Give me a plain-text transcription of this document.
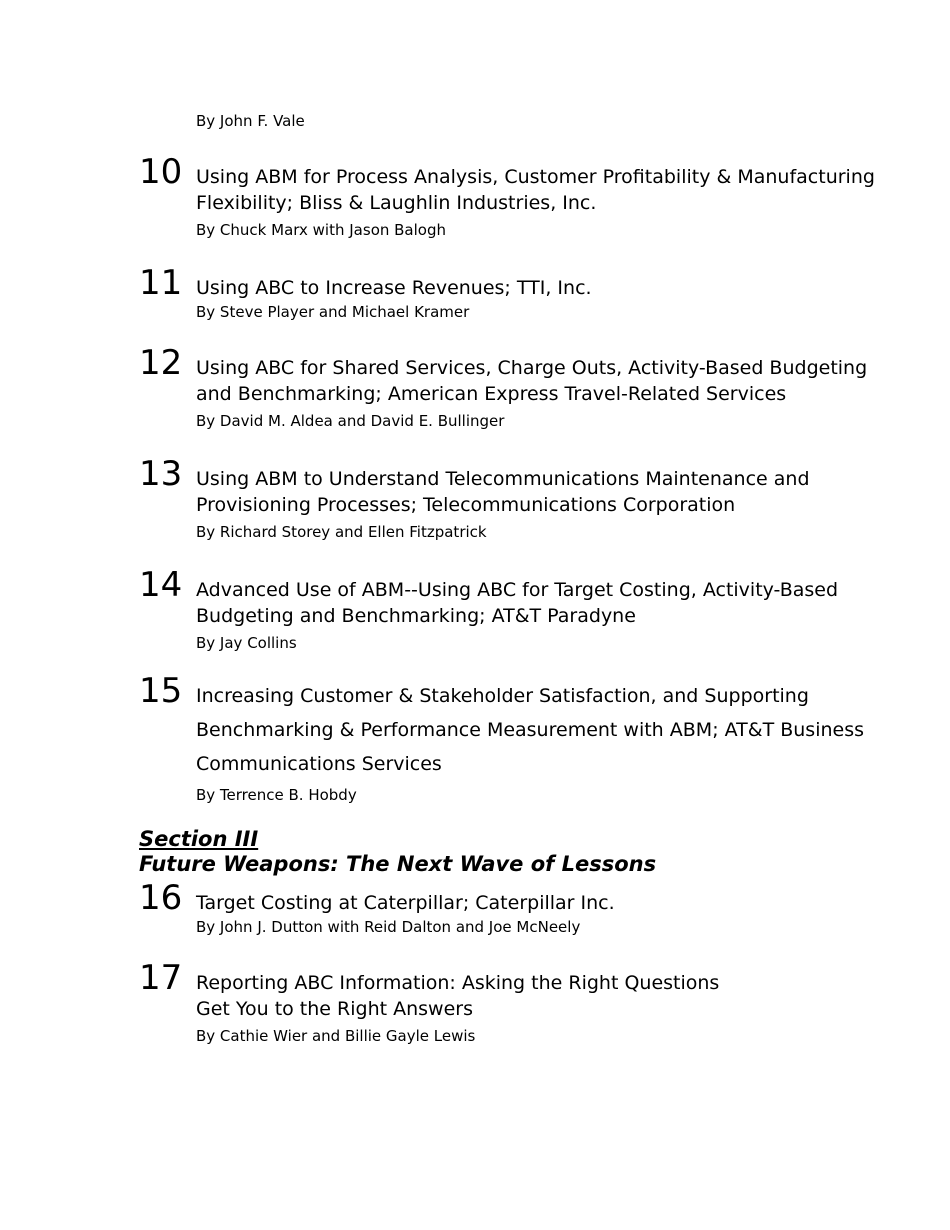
By John F. Vale
10 Using ABM for Process Analysis, Customer Profitability & Manufacturing
Flexibility; Bliss & Laughlin Industries, Inc.
By Chuck Marx with Jason Balogh
11 Using ABC to Increase Revenues; TTI, Inc.
By Steve Player and Michael Kramer
12 Using ABC for Shared Services, Charge Outs, Activity-Based Budgeting
and Benchmarking; American Express Travel-Related Services
By David M. Aldea and David E. Bullinger
13 Using ABM to Understand Telecommunications Maintenance and
Provisioning Processes; Telecommunications Corporation
By Richard Storey and Ellen Fitzpatrick
14 Advanced Use of ABM--Using ABC for Target Costing, Activity-Based
Budgeting and Benchmarking; AT&T Paradyne
By Jay Collins
15 Increasing Customer & Stakeholder Satisfaction, and Supporting
Benchmarking & Performance Measurement with ABM; AT&T Business
Communications Services
By Terrence B. Hobdy
Section III
Future Weapons: The Next Wave of Lessons
16 Target Costing at Caterpillar; Caterpillar Inc.
By John J. Dutton with Reid Dalton and Joe McNeely
17 Reporting ABC Information: Asking the Right Questions
Get You to the Right Answers
By Cathie Wier and Billie Gayle Lewis
